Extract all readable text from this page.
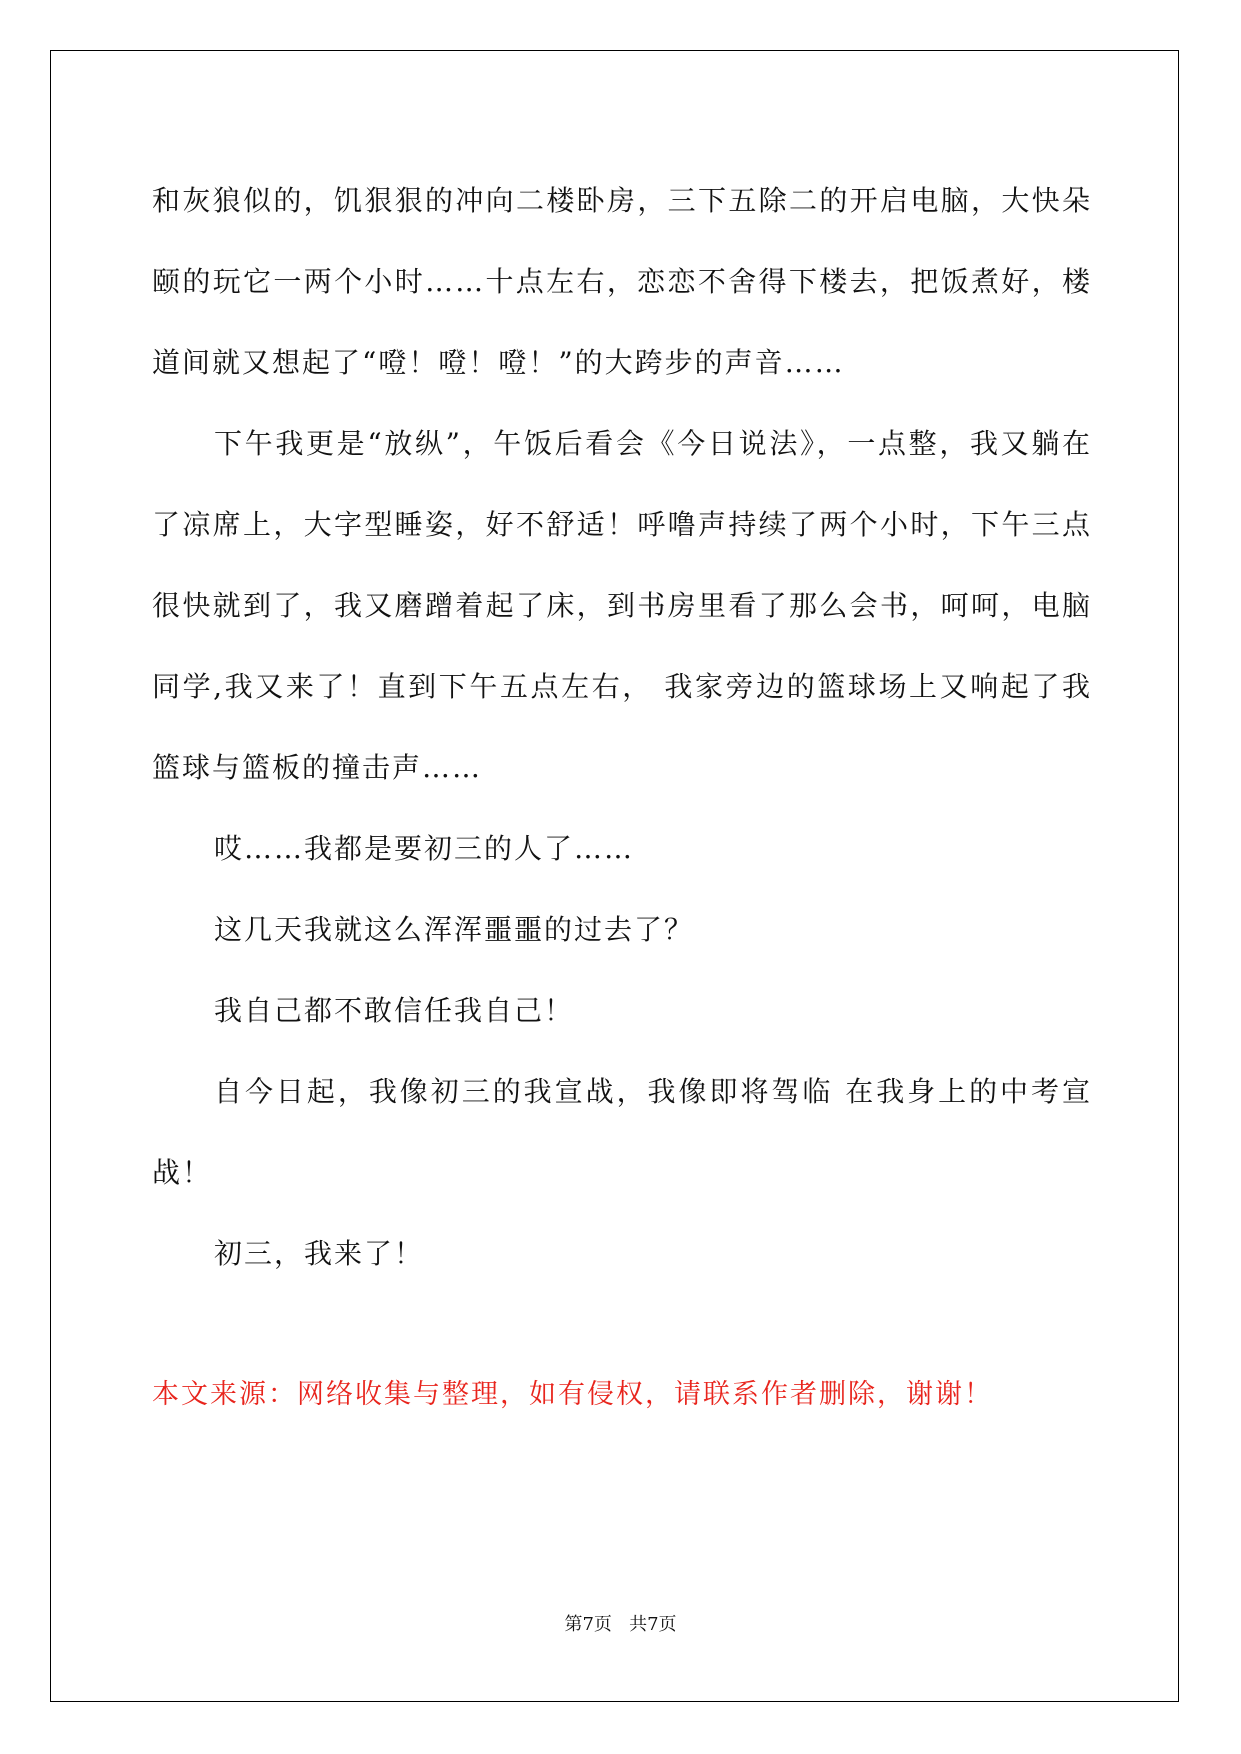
和灰狼似的，饥狠狠的冲向二楼卧房，三下五除二的开启电脑，大快朵颐的玩它一两个小时……十点左右，恋恋不舍得下楼去，把饭煮好，楼道间就又想起了“噔！噔！噔！”的大跨步的声音……

下午我更是“放纵”，午饭后看会《今日说法》，一点整，我又躺在了凉席上，大字型睡姿，好不舒适！呼噜声持续了两个小时，下午三点很快就到了，我又磨蹭着起了床，到书房里看了那么会书，呵呵，电脑同学,我又来了！直到下午五点左右， 我家旁边的篮球场上又响起了我篮球与篮板的撞击声……

哎……我都是要初三的人了……

这几天我就这么浑浑噩噩的过去了？

我自己都不敢信任我自己！

自今日起，我像初三的我宣战，我像即将驾临 在我身上的中考宣战！

初三，我来了！

本文来源：网络收集与整理，如有侵权，请联系作者删除，谢谢！
第7页 共7页
